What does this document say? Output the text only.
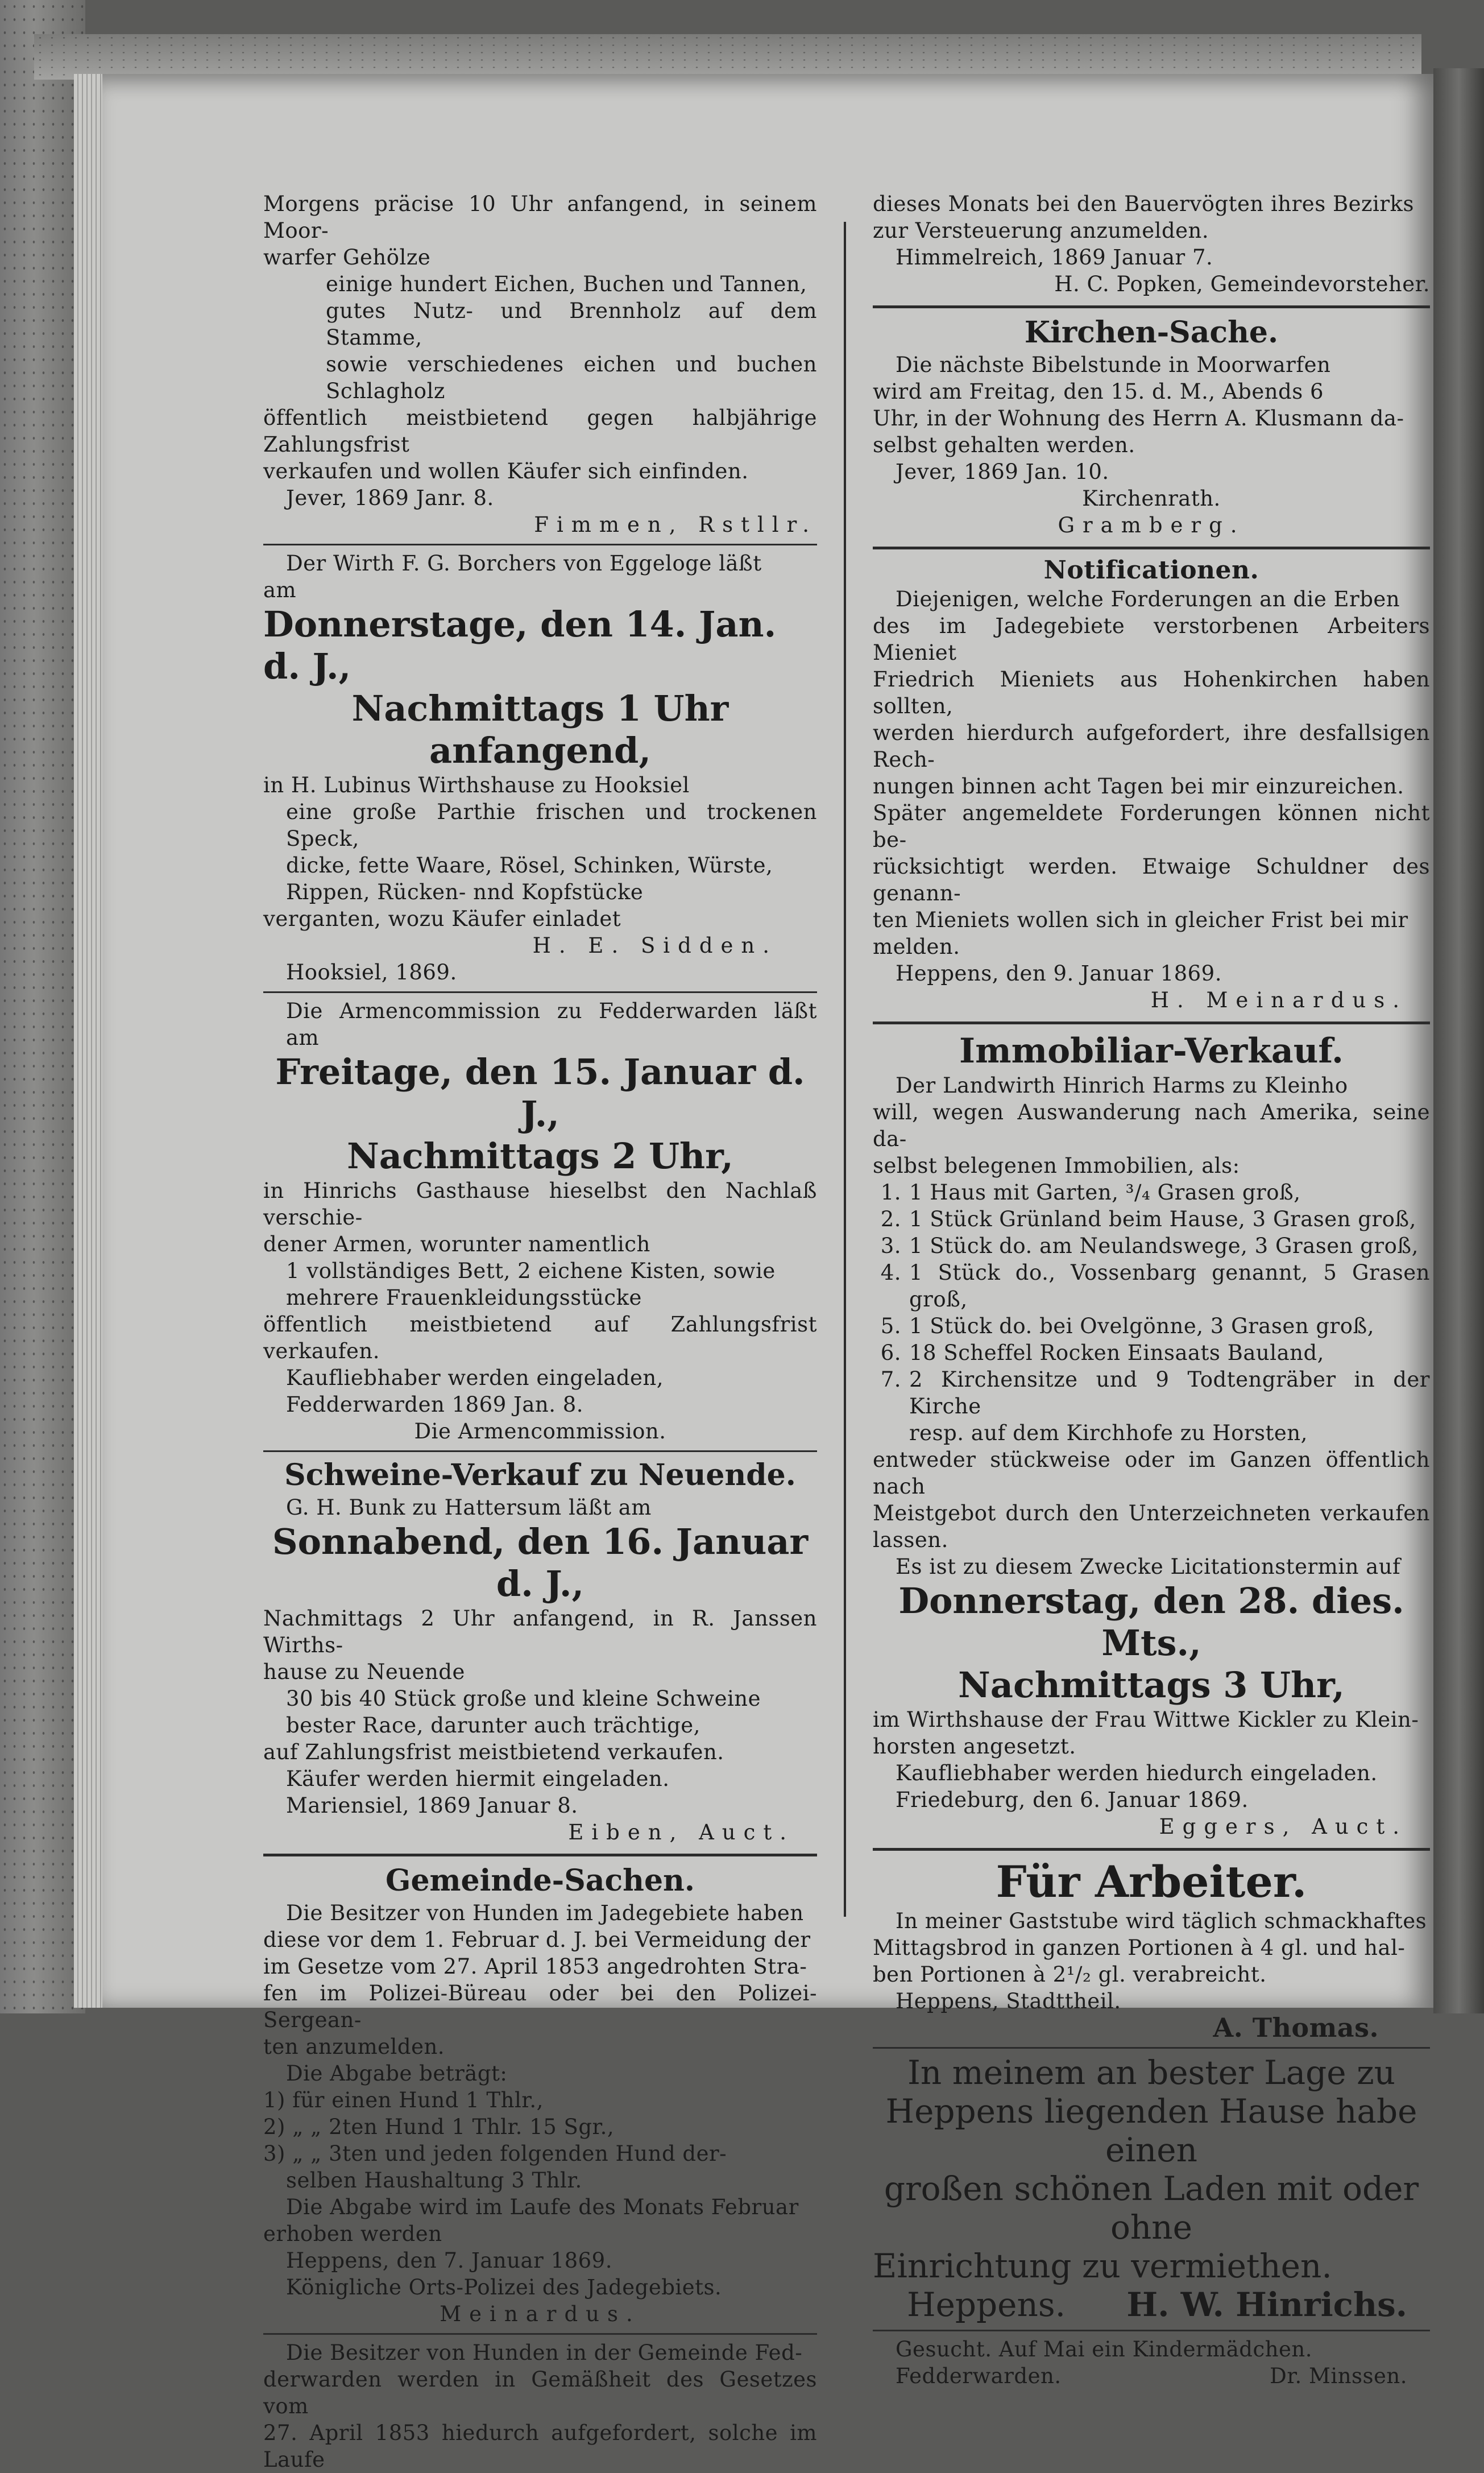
Morgens präcise 10 Uhr anfangend, in seinem Moor-

warfer Gehölze

einige hundert Eichen, Buchen und Tannen,

gutes Nutz- und Brennholz auf dem Stamme,

sowie verschiedenes eichen und buchen Schlagholz

öffentlich meistbietend gegen halbjährige Zahlungsfrist

verkaufen und wollen Käufer sich einfinden.

Jever, 1869 Janr. 8.

Fimmen, Rstllr.

Der Wirth F. G. Borchers von Eggeloge läßt

am

Donnerstage, den 14. Jan. d. J.,

Nachmittags 1 Uhr anfangend,

in H. Lubinus Wirthshause zu Hooksiel

eine große Parthie frischen und trockenen Speck,

dicke, fette Waare, Rösel, Schinken, Würste,

Rippen, Rücken- nnd Kopfstücke

verganten, wozu Käufer einladet

H. E. Sidden.

Hooksiel, 1869.

Die Armencommission zu Fedderwarden läßt am

Freitage, den 15. Januar d. J.,

Nachmittags 2 Uhr,

in Hinrichs Gasthause hieselbst den Nachlaß verschie-

dener Armen, worunter namentlich

1 vollständiges Bett, 2 eichene Kisten, sowie

mehrere Frauenkleidungsstücke

öffentlich meistbietend auf Zahlungsfrist verkaufen.

Kaufliebhaber werden eingeladen,

Fedderwarden 1869 Jan. 8.

Die Armencommission.

Schweine-Verkauf zu Neuende.

G. H. Bunk zu Hattersum läßt am

Sonnabend, den 16. Januar d. J.,

Nachmittags 2 Uhr anfangend, in R. Janssen Wirths-

hause zu Neuende

30 bis 40 Stück große und kleine Schweine

bester Race, darunter auch trächtige,

auf Zahlungsfrist meistbietend verkaufen.

Käufer werden hiermit eingeladen.

Mariensiel, 1869 Januar 8.

Eiben, Auct.

Gemeinde-Sachen.

Die Besitzer von Hunden im Jadegebiete haben

diese vor dem 1. Februar d. J. bei Vermeidung der

im Gesetze vom 27. April 1853 angedrohten Stra-

fen im Polizei-Büreau oder bei den Polizei-Sergean-

ten anzumelden.

Die Abgabe beträgt:

1) für einen Hund 1 Thlr.,

2) „ „ 2ten Hund 1 Thlr. 15 Sgr.,

3) „ „ 3ten und jeden folgenden Hund der-

selben Haushaltung 3 Thlr.

Die Abgabe wird im Laufe des Monats Februar

erhoben werden

Heppens, den 7. Januar 1869.

Königliche Orts-Polizei des Jadegebiets.

Meinardus.

Die Besitzer von Hunden in der Gemeinde Fed-

derwarden werden in Gemäßheit des Gesetzes vom

27. April 1853 hiedurch aufgefordert, solche im Laufe

dieses Monats bei den Bauervögten ihres Bezirks

zur Versteuerung anzumelden.

Himmelreich, 1869 Januar 7.

H. C. Popken, Gemeindevorsteher.

Kirchen-Sache.

Die nächste Bibelstunde in Moorwarfen

wird am Freitag, den 15. d. M., Abends 6

Uhr, in der Wohnung des Herrn A. Klusmann da-

selbst gehalten werden.

Jever, 1869 Jan. 10.

Kirchenrath.

Gramberg.

Notificationen.

Diejenigen, welche Forderungen an die Erben

des im Jadegebiete verstorbenen Arbeiters Mieniet

Friedrich Mieniets aus Hohenkirchen haben sollten,

werden hierdurch aufgefordert, ihre desfallsigen Rech-

nungen binnen acht Tagen bei mir einzureichen.

Später angemeldete Forderungen können nicht be-

rücksichtigt werden. Etwaige Schuldner des genann-

ten Mieniets wollen sich in gleicher Frist bei mir

melden.

Heppens, den 9. Januar 1869.

H. Meinardus.

Immobiliar-Verkauf.

Der Landwirth Hinrich Harms zu Kleinho

will, wegen Auswanderung nach Amerika, seine da-

selbst belegenen Immobilien, als:

1. 1 Haus mit Garten, ³/₄ Grasen groß,
2. 1 Stück Grünland beim Hause, 3 Grasen groß,
3. 1 Stück do. am Neulandswege, 3 Grasen groß,
4. 1 Stück do., Vossenbarg genannt, 5 Grasen groß,
5. 1 Stück do. bei Ovelgönne, 3 Grasen groß,
6. 18 Scheffel Rocken Einsaats Bauland,
7. 2 Kirchensitze und 9 Todtengräber in der Kirche

resp. auf dem Kirchhofe zu Horsten,

entweder stückweise oder im Ganzen öffentlich nach

Meistgebot durch den Unterzeichneten verkaufen lassen.

Es ist zu diesem Zwecke Licitationstermin auf

Donnerstag, den 28. dies. Mts.,

Nachmittags 3 Uhr,

im Wirthshause der Frau Wittwe Kickler zu Klein-

horsten angesetzt.

Kaufliebhaber werden hiedurch eingeladen.

Friedeburg, den 6. Januar 1869.

Eggers, Auct.

Für Arbeiter.

In meiner Gaststube wird täglich schmackhaftes

Mittagsbrod in ganzen Portionen à 4 gl. und hal-

ben Portionen à 2¹/₂ gl. verabreicht.

Heppens, Stadttheil.

A. Thomas.

In meinem an bester Lage zu

Heppens liegenden Hause habe einen

großen schönen Laden mit oder ohne

Einrichtung zu vermiethen.

Heppens. H. W. Hinrichs.

Gesucht. Auf Mai ein Kindermädchen.

Fedderwarden.	Dr. Minssen.
